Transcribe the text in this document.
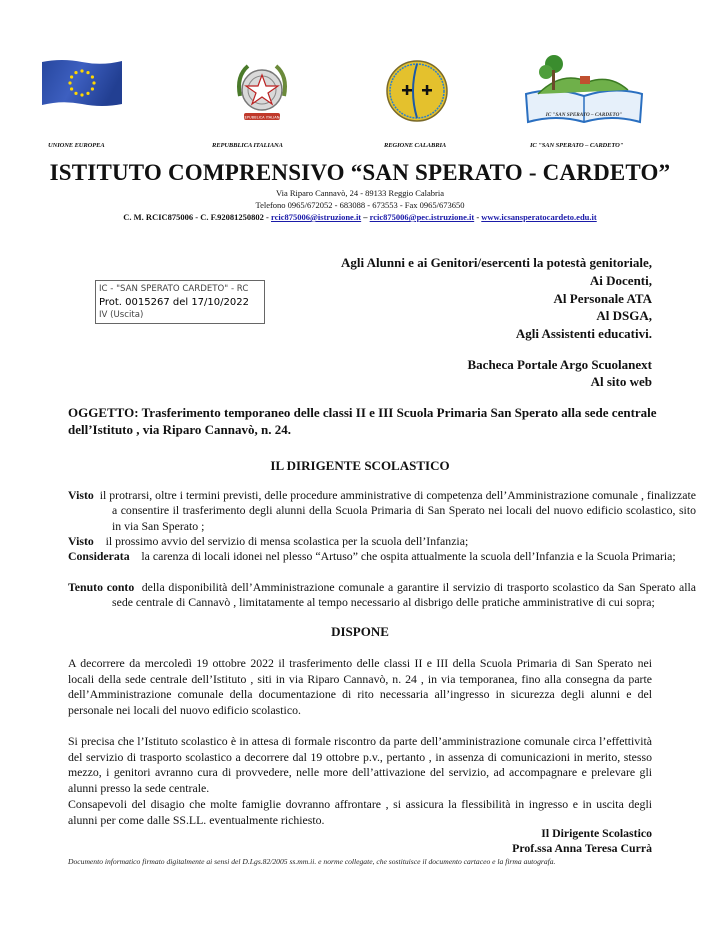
REPUBBLICA ITALIANA	IC "SAN SPERATO – CARDETO"
UNIONE EUROPEA	REPUBBLICA ITALIANA	REGIONE CALABRIA	IC "SAN SPERATO – CARDETO"
ISTITUTO COMPRENSIVO “SAN SPERATO - CARDETO”
Via Riparo Cannavò, 24 - 89133 Reggio Calabria
Telefono 0965/672052 - 683088 - 673553 - Fax 0965/673650
C. M. RCIC875006 - C. F.92081250802 - rcic875006@istruzione.it – rcic875006@pec.istruzione.it - www.icsansperatocardeto.edu.it
Agli Alunni e ai Genitori/esercenti la potestà genitoriale,
Ai Docenti,
Al Personale ATA
Al DSGA,
Agli Assistenti educativi.
IC - "SAN SPERATO CARDETO" - RC
Prot. 0015267 del 17/10/2022
IV (Uscita)
Bacheca Portale Argo Scuolanext
Al sito web
OGGETTO: Trasferimento temporaneo delle classi II e III Scuola Primaria San Sperato alla sede centrale dell’Istituto , via Riparo Cannavò, n. 24.
IL DIRIGENTE SCOLASTICO
Visto il protrarsi, oltre i termini previsti, delle procedure amministrative di competenza dell’Amministrazione comunale , finalizzate a consentire il trasferimento degli alunni della Scuola Primaria di San Sperato nei locali del nuovo edificio scolastico, sito in via San Sperato ;
Visto il prossimo avvio del servizio di mensa scolastica per la scuola dell’Infanzia;
Considerata la carenza di locali idonei nel plesso “Artuso” che ospita attualmente la scuola dell’Infanzia e la Scuola Primaria;
Tenuto conto della disponibilità dell’Amministrazione comunale a garantire il servizio di trasporto scolastico da San Sperato alla sede centrale di Cannavò , limitatamente al tempo necessario al disbrigo delle pratiche amministrative di cui sopra;
DISPONE
A decorrere da mercoledì 19 ottobre 2022 il trasferimento delle classi II e III della Scuola Primaria di San Sperato nei locali della sede centrale dell’Istituto , siti in via Riparo Cannavò, n. 24 , in via temporanea, fino alla consegna da parte dell’Amministrazione comunale della documentazione di rito necessaria all’ingresso in sicurezza degli alunni e del personale nei locali del nuovo edificio scolastico.
Si precisa che l’Istituto scolastico è in attesa di formale riscontro da parte dell’amministrazione comunale circa l’effettività del servizio di trasporto scolastico a decorrere dal 19 ottobre p.v., pertanto , in assenza di comunicazioni in merito, stesso mezzo, i genitori avranno cura di provvedere, nelle more dell’attivazione del servizio, ad accompagnare e prelevare gli alunni presso la sede centrale.
Consapevoli del disagio che molte famiglie dovranno affrontare , si assicura la flessibilità in ingresso e in uscita degli alunni per come dalle SS.LL. eventualmente richiesto.
Il Dirigente Scolastico
Prof.ssa Anna Teresa Currà
Documento informatico firmato digitalmente ai sensi del D.Lgs.82/2005 ss.mm.ii. e norme collegate, che sostituisce il documento cartaceo e la firma autografa.
